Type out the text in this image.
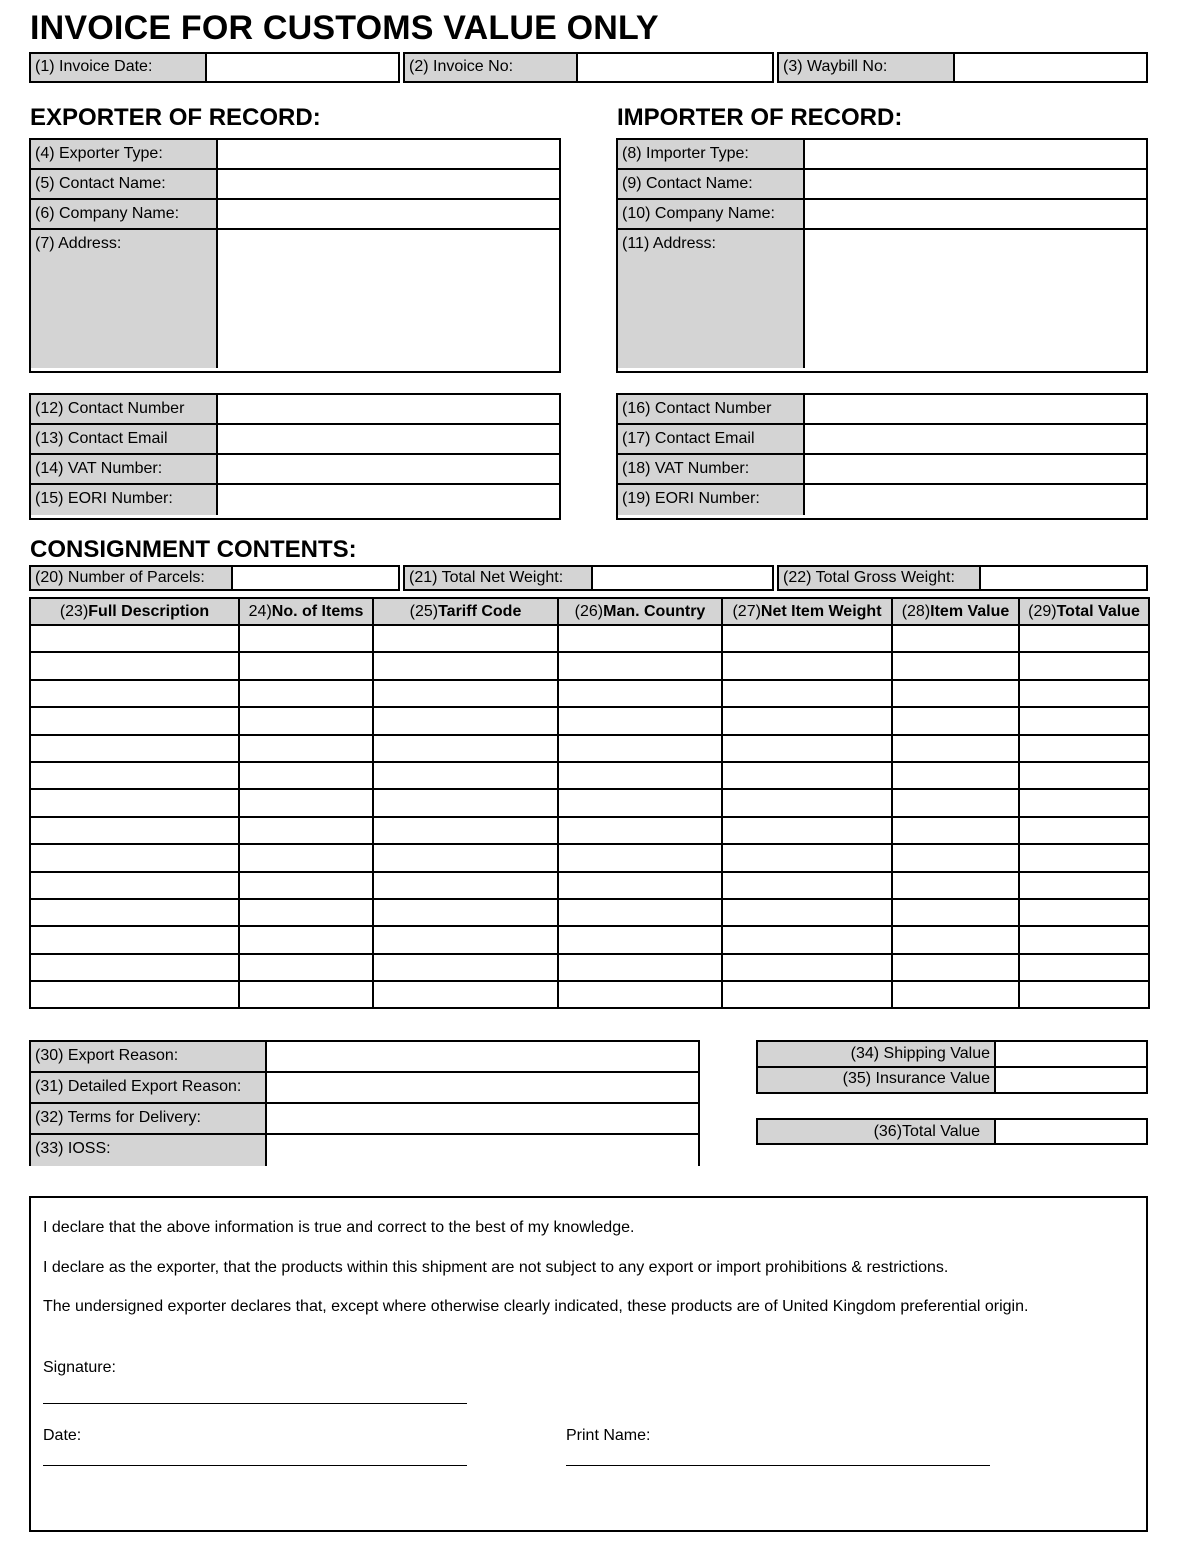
INVOICE FOR CUSTOMS VALUE ONLY
(1) Invoice Date:	(2) Invoice No:	(3) Waybill No:
EXPORTER OF RECORD:
(4) Exporter Type:
(5) Contact Name:
(6) Company Name:
(7) Address:
(12) Contact Number
(13) Contact Email
(14) VAT Number:
(15) EORI Number:
IMPORTER OF RECORD:
(8) Importer Type:
(9) Contact Name:
(10) Company Name:
(11) Address:
(16) Contact Number
(17) Contact Email
(18) VAT Number:
(19) EORI Number:
CONSIGNMENT CONTENTS:
(20) Number of Parcels:	(21) Total Net Weight:	(22) Total Gross Weight:
(23)Full Description	24)No. of Items	(25)Tariff Code	(26)Man. Country	(27)Net Item Weight	(28)Item Value	(29)Total Value

(30) Export Reason:
(31) Detailed Export Reason:
(32) Terms for Delivery:
(33) IOSS:
(34) Shipping Value
(35) Insurance Value
(36)Total Value

I declare that the above information is true and correct to the best of my knowledge.

I declare as the exporter, that the products within this shipment are not subject to any export or import prohibitions & restrictions.

The undersigned exporter declares that, except where otherwise clearly indicated, these products are of United Kingdom preferential origin.

Signature:

Date:	Print Name:
